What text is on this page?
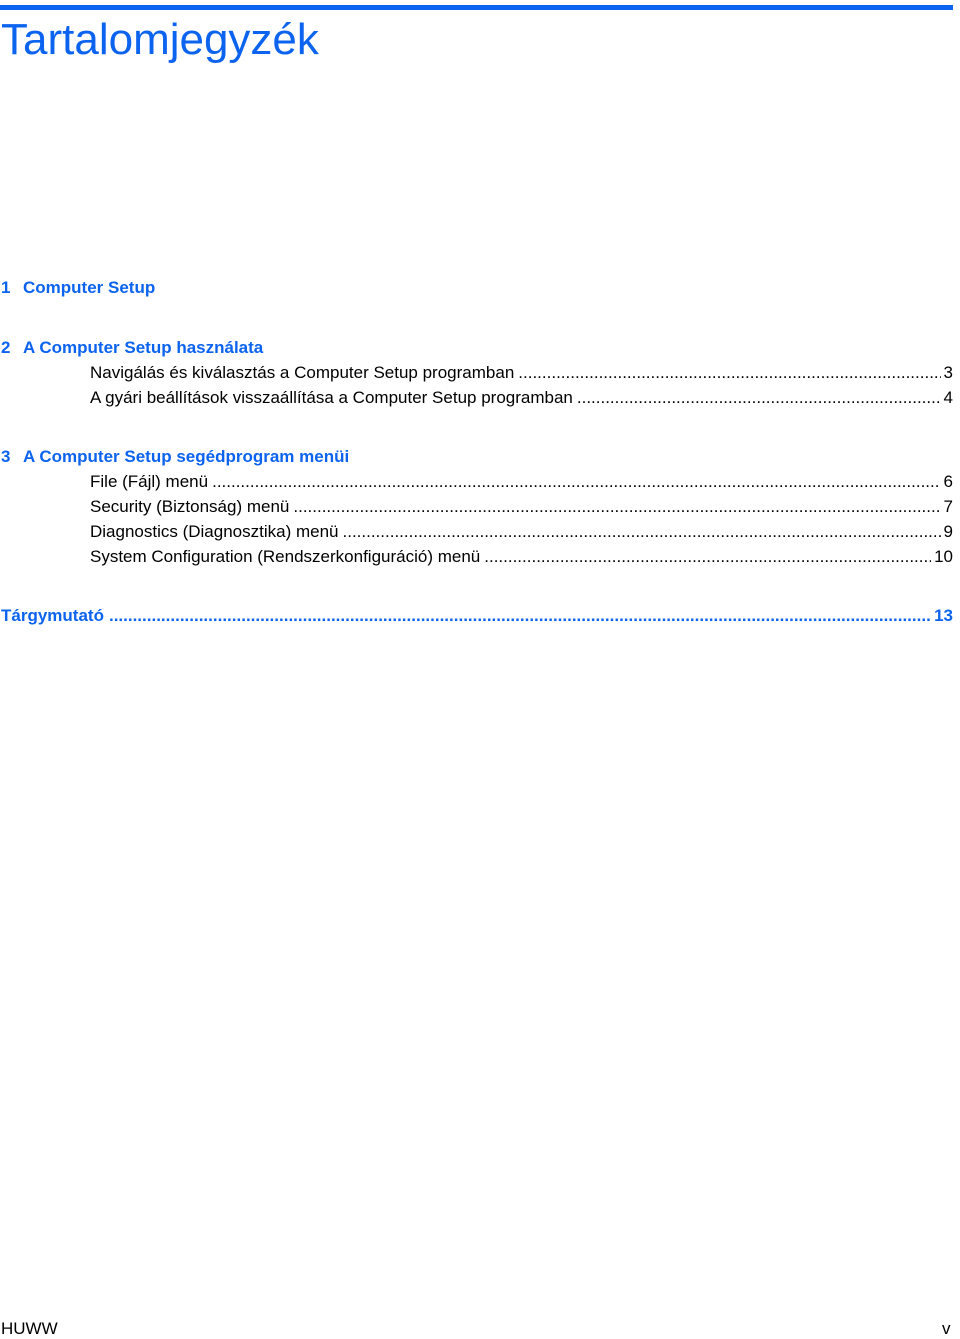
Tartalomjegyzék
1 Computer Setup
2 A Computer Setup használata
Navigálás és kiválasztás a Computer Setup programban .....	3
A gyári beállítások visszaállítása a Computer Setup programban .....	4
3 A Computer Setup segédprogram menüi
File (Fájl) menü .....	6
Security (Biztonság) menü .....	7
Diagnostics (Diagnosztika) menü .....	9
System Configuration (Rendszerkonfiguráció) menü .....	10
Tárgymutató .....	13
HUWW	v
